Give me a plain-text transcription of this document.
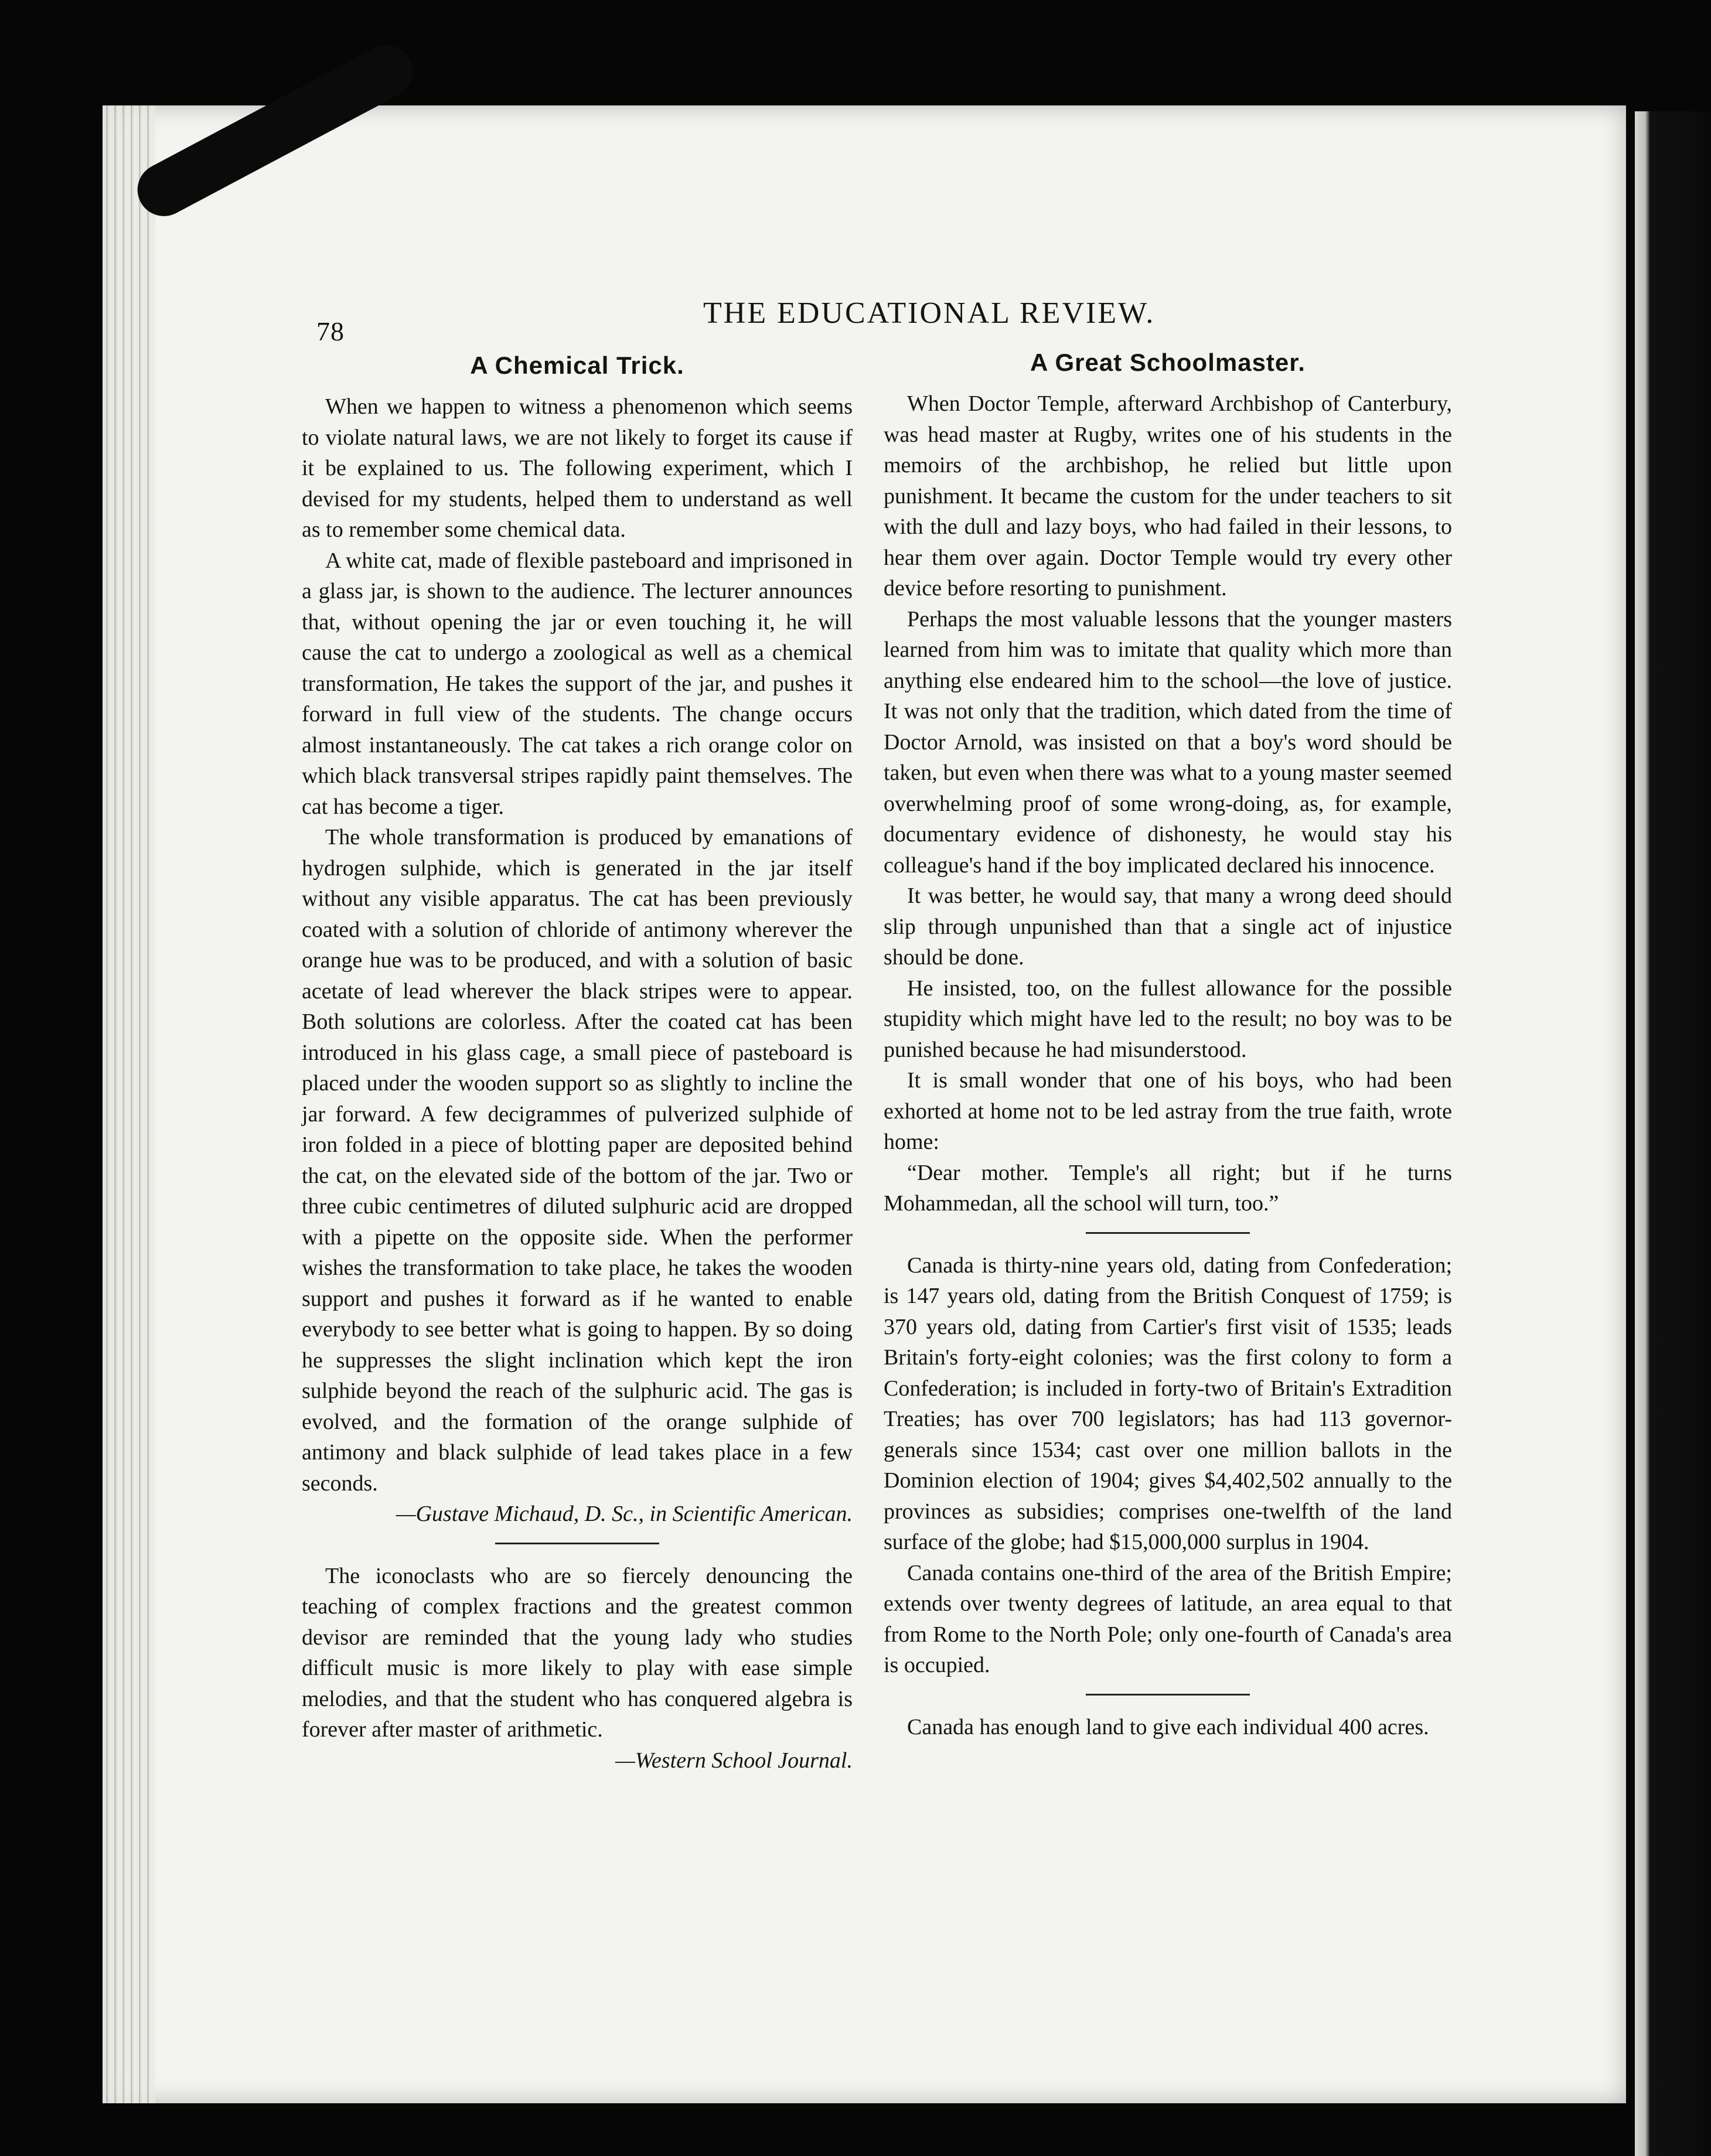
78
THE EDUCATIONAL REVIEW.
A Chemical Trick.

When we happen to witness a phenomenon which seems to violate natural laws, we are not likely to forget its cause if it be explained to us. The following experiment, which I devised for my students, helped them to understand as well as to remember some chemical data.

A white cat, made of flexible pasteboard and imprisoned in a glass jar, is shown to the audience. The lecturer announces that, without opening the jar or even touching it, he will cause the cat to undergo a zoological as well as a chemical transformation, He takes the support of the jar, and pushes it forward in full view of the students. The change occurs almost instantaneously. The cat takes a rich orange color on which black transversal stripes rapidly paint themselves. The cat has become a tiger.

The whole transformation is produced by emanations of hydrogen sulphide, which is generated in the jar itself without any visible apparatus. The cat has been previously coated with a solution of chloride of antimony wherever the orange hue was to be produced, and with a solution of basic acetate of lead wherever the black stripes were to appear. Both solutions are colorless. After the coated cat has been introduced in his glass cage, a small piece of pasteboard is placed under the wooden support so as slightly to incline the jar forward. A few decigrammes of pulverized sulphide of iron folded in a piece of blotting paper are deposited behind the cat, on the elevated side of the bottom of the jar. Two or three cubic centimetres of diluted sulphuric acid are dropped with a pipette on the opposite side. When the performer wishes the transformation to take place, he takes the wooden support and pushes it forward as if he wanted to enable everybody to see better what is going to happen. By so doing he suppresses the slight inclination which kept the iron sulphide beyond the reach of the sulphuric acid. The gas is evolved, and the formation of the orange sulphide of antimony and black sulphide of lead takes place in a few seconds.

—Gustave Michaud, D. Sc., in Scientific American.

The iconoclasts who are so fiercely denouncing the teaching of complex fractions and the greatest common devisor are reminded that the young lady who studies difficult music is more likely to play with ease simple melodies, and that the student who has conquered algebra is forever after master of arithmetic.

—Western School Journal.
A Great Schoolmaster.

When Doctor Temple, afterward Archbishop of Canterbury, was head master at Rugby, writes one of his students in the memoirs of the archbishop, he relied but little upon punishment. It became the custom for the under teachers to sit with the dull and lazy boys, who had failed in their lessons, to hear them over again. Doctor Temple would try every other device before resorting to punishment.

Perhaps the most valuable lessons that the younger masters learned from him was to imitate that quality which more than anything else endeared him to the school—the love of justice. It was not only that the tradition, which dated from the time of Doctor Arnold, was insisted on that a boy's word should be taken, but even when there was what to a young master seemed overwhelming proof of some wrong-doing, as, for example, documentary evidence of dishonesty, he would stay his colleague's hand if the boy implicated declared his innocence.

It was better, he would say, that many a wrong deed should slip through unpunished than that a single act of injustice should be done.

He insisted, too, on the fullest allowance for the possible stupidity which might have led to the result; no boy was to be punished because he had misunderstood.

It is small wonder that one of his boys, who had been exhorted at home not to be led astray from the true faith, wrote home:

“Dear mother. Temple's all right; but if he turns Mohammedan, all the school will turn, too.”

Canada is thirty-nine years old, dating from Confederation; is 147 years old, dating from the British Conquest of 1759; is 370 years old, dating from Cartier's first visit of 1535; leads Britain's forty-eight colonies; was the first colony to form a Confederation; is included in forty-two of Britain's Extradition Treaties; has over 700 legislators; has had 113 governor-generals since 1534; cast over one million ballots in the Dominion election of 1904; gives $4,402,502 annually to the provinces as subsidies; comprises one-twelfth of the land surface of the globe; had $15,000,000 surplus in 1904.

Canada contains one-third of the area of the British Empire; extends over twenty degrees of latitude, an area equal to that from Rome to the North Pole; only one-fourth of Canada's area is occupied.

Canada has enough land to give each individual 400 acres.
